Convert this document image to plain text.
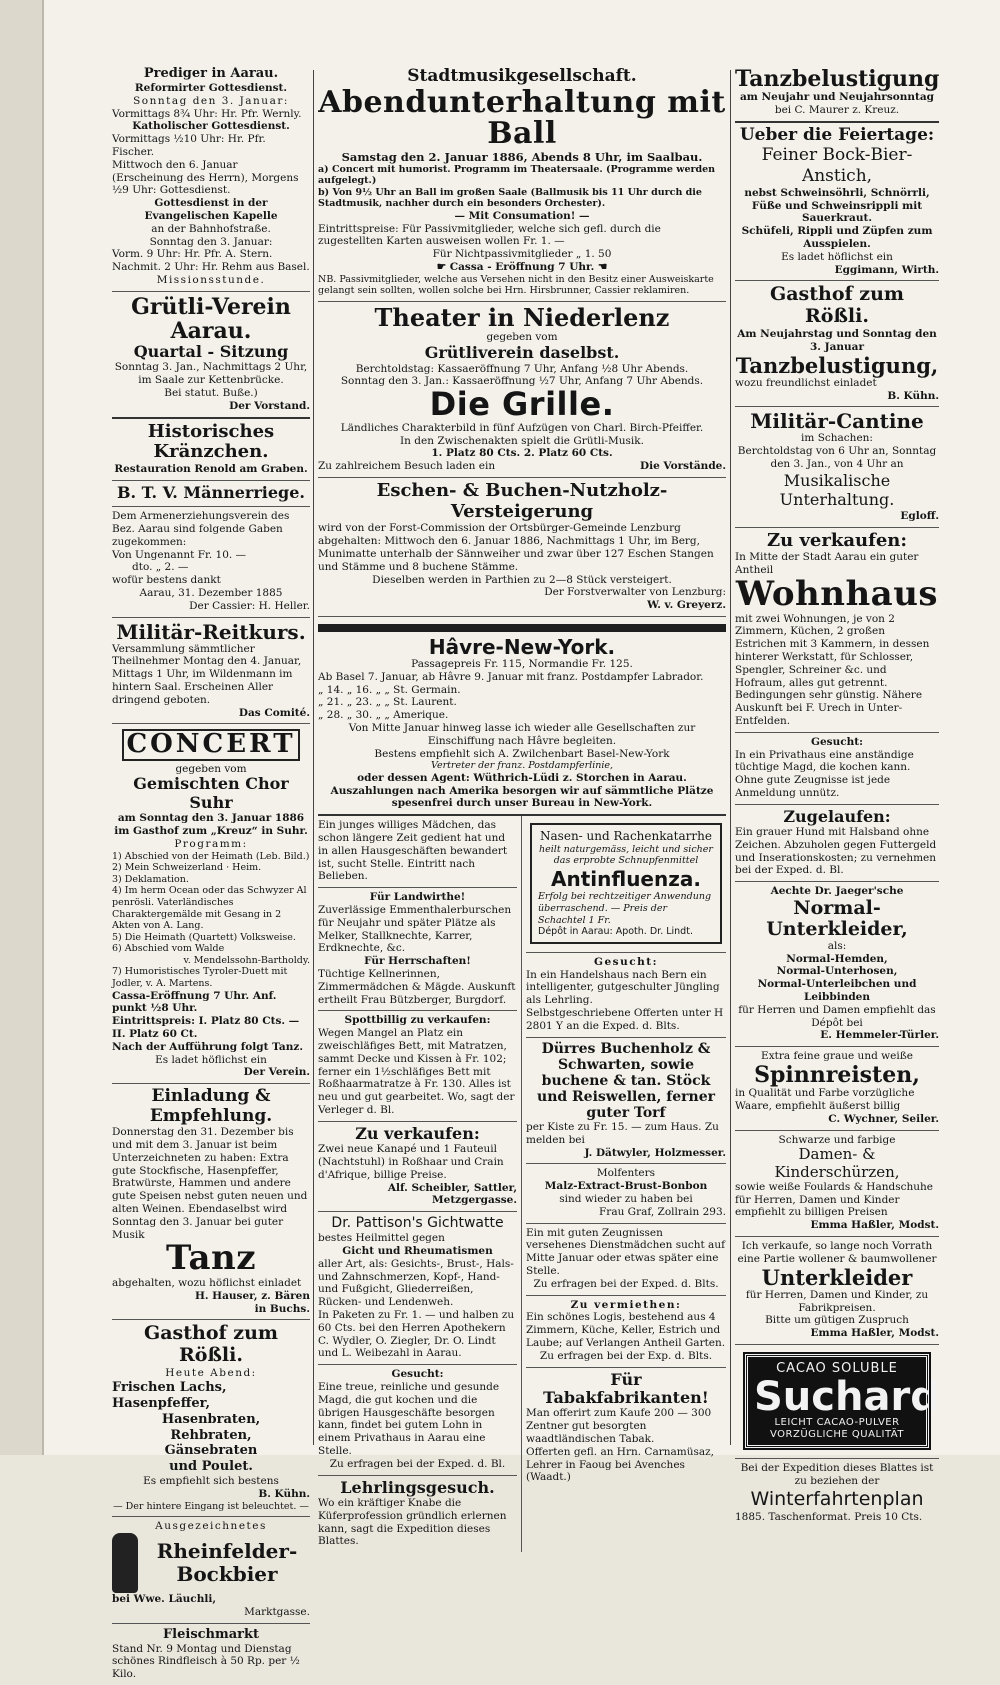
Prediger in Aarau.
Reformirter Gottesdienst.
Sonntag den 3. Januar:
Vormittags 8¾ Uhr: Hr. Pfr. Wernly.
Katholischer Gottesdienst.
Vormittags ½10 Uhr: Hr. Pfr. Fischer.
Mittwoch den 6. Januar (Erscheinung des Herrn), Morgens ½9 Uhr: Gottesdienst.
Gottesdienst in der Evangelischen Kapelle
an der Bahnhofstraße.
Sonntag den 3. Januar:
Vorm. 9 Uhr: Hr. Pfr. A. Stern.
Nachmit. 2 Uhr: Hr. Rehm aus Basel.
Missionsstunde.
Grütli-Verein Aarau.
Quartal - Sitzung
Sonntag 3. Jan., Nachmittags 2 Uhr, im Saale zur Kettenbrücke.
Bei statut. Buße.)
Der Vorstand.
Historisches Kränzchen.
Restauration Renold am Graben.
B. T. V. Männerriege.
Dem Armenerziehungsverein des Bez. Aarau sind folgende Gaben zugekommen:
Von Ungenannt Fr. 10. —
dto. „ 2. —
wofür bestens dankt
Aarau, 31. Dezember 1885
Der Cassier: H. Heller.
Militär-Reitkurs.
Versammlung sämmtlicher Theilnehmer Montag den 4. Januar, Mittags 1 Uhr, im Wildenmann im hintern Saal. Erscheinen Aller dringend geboten.
Das Comité.
CONCERT
gegeben vom
Gemischten Chor Suhr
am Sonntag den 3. Januar 1886 im Gasthof zum „Kreuz“ in Suhr.
Programm:
1) Abschied von der Heimath (Leb. Bild.)
2) Mein Schweizerland · Heim.
3) Deklamation.
4) Im herm Ocean oder das Schwyzer Al penrösli. Vaterländisches Charaktergemälde mit Gesang in 2 Akten von A. Lang.
5) Die Heimath (Quartett) Volksweise.
6) Abschied vom Walde
v. Mendelssohn-Bartholdy.
7) Humoristisches Tyroler-Duett mit Jodler, v. A. Martens.
Cassa-Eröffnung 7 Uhr. Anf. punkt ½8 Uhr.
Eintrittspreis: I. Platz 80 Cts. — II. Platz 60 Ct.
Nach der Aufführung folgt Tanz.
Es ladet höflichst ein
Der Verein.
Einladung & Empfehlung.
Donnerstag den 31. Dezember bis und mit dem 3. Januar ist beim Unterzeichneten zu haben: Extra gute Stockfische, Hasenpfeffer, Bratwürste, Hammen und andere gute Speisen nebst guten neuen und alten Weinen. Ebendaselbst wird Sonntag den 3. Januar bei guter Musik
Tanz
abgehalten, wozu höflichst einladet
H. Hauser, z. Bären
in Buchs.
Gasthof zum Rößli.
Heute Abend:
Frischen Lachs,
Hasenpfeffer,
Hasenbraten,
Rehbraten,
Gänsebraten
und Poulet.
Es empfiehlt sich bestens
B. Kühn.
— Der hintere Eingang ist beleuchtet. —
Ausgezeichnetes
Rheinfelder-
Bockbier
bei Wwe. Läuchli,
Marktgasse.
Fleischmarkt
Stand Nr. 9 Montag und Dienstag schönes Rindfleisch à 50 Rp. per ½ Kilo.
Stadtmusikgesellschaft.
Abendunterhaltung mit Ball
Samstag den 2. Januar 1886, Abends 8 Uhr, im Saalbau.
a) Concert mit humorist. Programm im Theatersaale. (Programme werden aufgelegt.)
b) Von 9½ Uhr an Ball im großen Saale (Ballmusik bis 11 Uhr durch die Stadtmusik, nachher durch ein besonders Orchester).
— Mit Consumation! —
Eintrittspreise: Für Passivmitglieder, welche sich gefl. durch die zugestellten Karten ausweisen wollen Fr. 1. —
Für Nichtpassivmitglieder „ 1. 50
☛ Cassa - Eröffnung 7 Uhr. ☚
NB. Passivmitglieder, welche aus Versehen nicht in den Besitz einer Ausweiskarte gelangt sein sollten, wollen solche bei Hrn. Hirsbrunner, Cassier reklamiren.
Theater in Niederlenz
gegeben vom
Grütliverein daselbst.
Berchtoldstag: Kassaeröffnung 7 Uhr, Anfang ½8 Uhr Abends.
Sonntag den 3. Jan.: Kassaeröffnung ½7 Uhr, Anfang 7 Uhr Abends.
Die Grille.
Ländliches Charakterbild in fünf Aufzügen von Charl. Birch-Pfeiffer.
In den Zwischenakten spielt die Grütli-Musik.
1. Platz 80 Cts. 2. Platz 60 Cts.
Zu zahlreichem Besuch laden ein	Die Vorstände.
Eschen- & Buchen-Nutzholz-Versteigerung
wird von der Forst-Commission der Ortsbürger-Gemeinde Lenzburg abgehalten: Mittwoch den 6. Januar 1886, Nachmittags 1 Uhr, im Berg, Munimatte unterhalb der Sännweiher und zwar über 127 Eschen Stangen und Stämme und 8 buchene Stämme.
Dieselben werden in Parthien zu 2—8 Stück versteigert.
Der Forstverwalter von Lenzburg:
W. v. Greyerz.
Hâvre-New-York.
Passagepreis Fr. 115, Normandie Fr. 125.
Ab Basel 7. Januar, ab Hâvre 9. Januar mit franz. Postdampfer Labrador.
„ 14. „ 16. „ „ St. Germain.
„ 21. „ 23. „ „ St. Laurent.
„ 28. „ 30. „ „ Amerique.
Von Mitte Januar hinweg lasse ich wieder alle Gesellschaften zur Einschiffung nach Hâvre begleiten.
Bestens empfiehlt sich A. Zwilchenbart Basel-New-York
Vertreter der franz. Postdampferlinie,
oder dessen Agent: Wüthrich-Lüdi z. Storchen in Aarau.
Auszahlungen nach Amerika besorgen wir auf sämmtliche Plätze spesenfrei durch unser Bureau in New-York.
Ein junges williges Mädchen, das schon längere Zeit gedient hat und in allen Hausgeschäften bewandert ist, sucht Stelle. Eintritt nach Belieben.
Für Landwirthe!
Zuverlässige Emmenthalerburschen für Neujahr und später Plätze als Melker, Stallknechte, Karrer, Erdknechte, &c.
Für Herrschaften!
Tüchtige Kellnerinnen, Zimmermädchen & Mägde. Auskunft ertheilt Frau Bützberger, Burgdorf.
Spottbillig zu verkaufen:
Wegen Mangel an Platz ein zweischläfiges Bett, mit Matratzen, sammt Decke und Kissen à Fr. 102; ferner ein 1½schläfiges Bett mit Roßhaarmatratze à Fr. 130. Alles ist neu und gut gearbeitet. Wo, sagt der Verleger d. Bl.
Zu verkaufen:
Zwei neue Kanapé und 1 Fauteuil (Nachtstuhl) in Roßhaar und Crain d'Afrique, billige Preise.
Alf. Scheibler, Sattler, Metzgergasse.
Dr. Pattison's Gichtwatte
bestes Heilmittel gegen
Gicht und Rheumatismen
aller Art, als: Gesichts-, Brust-, Hals- und Zahnschmerzen, Kopf-, Hand- und Fußgicht, Gliederreißen, Rücken- und Lendenweh.
In Paketen zu Fr. 1. — und halben zu 60 Cts. bei den Herren Apothekern C. Wydler, O. Ziegler, Dr. O. Lindt und L. Weibezahl in Aarau.
Gesucht:
Eine treue, reinliche und gesunde Magd, die gut kochen und die übrigen Hausgeschäfte besorgen kann, findet bei gutem Lohn in einem Privathaus in Aarau eine Stelle.
Zu erfragen bei der Exped. d. Bl.
Lehrlingsgesuch.
Wo ein kräftiger Knabe die Küferprofession gründlich erlernen kann, sagt die Expedition dieses Blattes.
Nasen- und Rachenkatarrhe
heilt naturgemäss, leicht und sicher das erprobte Schnupfenmittel
Antinfluenza.
Erfolg bei rechtzeitiger Anwendung überraschend. — Preis der Schachtel 1 Fr.
Dépôt in Aarau: Apoth. Dr. Lindt.
Gesucht:
In ein Handelshaus nach Bern ein intelligenter, gutgeschulter Jüngling als Lehrling.
Selbstgeschriebene Offerten unter H 2801 Y an die Exped. d. Blts.
Dürres Buchenholz & Schwarten, sowie buchene & tan. Stöck und Reiswellen, ferner guter Torf
per Kiste zu Fr. 15. — zum Haus. Zu melden bei
J. Dätwyler, Holzmesser.
Molfenters
Malz-Extract-Brust-Bonbon
sind wieder zu haben bei
Frau Graf, Zollrain 293.
Ein mit guten Zeugnissen versehenes Dienstmädchen sucht auf Mitte Januar oder etwas später eine Stelle.
Zu erfragen bei der Exped. d. Blts.
Zu vermiethen:
Ein schönes Logis, bestehend aus 4 Zimmern, Küche, Keller, Estrich und Laube; auf Verlangen Antheil Garten.
Zu erfragen bei der Exp. d. Blts.
Für Tabakfabrikanten!
Man offerirt zum Kaufe 200 — 300 Zentner gut besorgten waadtländischen Tabak.
Offerten gefl. an Hrn. Carnamüsaz, Lehrer in Faoug bei Avenches (Waadt.)
Tanzbelustigung
am Neujahr und Neujahrsonntag
bei C. Maurer z. Kreuz.
Ueber die Feiertage:
Feiner Bock-Bier-Anstich,
nebst Schweinsöhrli, Schnörrli, Füße und Schweinsrippli mit Sauerkraut.
Schüfeli, Rippli und Züpfen zum Ausspielen.
Es ladet höflichst ein
Eggimann, Wirth.
Gasthof zum Rößli.
Am Neujahrstag und Sonntag den 3. Januar
Tanzbelustigung,
wozu freundlichst einladet
B. Kühn.
Militär-Cantine
im Schachen:
Berchtoldstag von 6 Uhr an, Sonntag den 3. Jan., von 4 Uhr an
Musikalische Unterhaltung.
Egloff.
Zu verkaufen:
In Mitte der Stadt Aarau ein guter Antheil
Wohnhaus
mit zwei Wohnungen, je von 2 Zimmern, Küchen, 2 großen Estrichen mit 3 Kammern, in dessen hinterer Werkstatt, für Schlosser, Spengler, Schreiner &c. und Hofraum, alles gut getrennt. Bedingungen sehr günstig. Nähere Auskunft bei F. Urech in Unter-Entfelden.
Gesucht:
In ein Privathaus eine anständige tüchtige Magd, die kochen kann. Ohne gute Zeugnisse ist jede Anmeldung unnütz.
Zugelaufen:
Ein grauer Hund mit Halsband ohne Zeichen. Abzuholen gegen Futtergeld und Inserationskosten; zu vernehmen bei der Exped. d. Bl.
Aechte Dr. Jaeger'sche
Normal-Unterkleider,
als:
Normal-Hemden,
Normal-Unterhosen,
Normal-Unterleibchen und Leibbinden
für Herren und Damen empfiehlt das Dépôt bei
E. Hemmeler-Türler.
Extra feine graue und weiße
Spinnreisten,
in Qualität und Farbe vorzügliche Waare, empfiehlt äußerst billig
C. Wychner, Seiler.
Schwarze und farbige
Damen- & Kinderschürzen,
sowie weiße Foulards & Handschuhe für Herren, Damen und Kinder empfiehlt zu billigen Preisen
Emma Haßler, Modst.
Ich verkaufe, so lange noch Vorrath eine Partie wollener & baumwollener
Unterkleider
für Herren, Damen und Kinder, zu Fabrikpreisen.
Bitte um gütigen Zuspruch
Emma Haßler, Modst.
CACAO SOLUBLE
Suchard
LEICHT CACAO-PULVER
VORZÜGLICHE QUALITÄT
Bei der Expedition dieses Blattes ist zu beziehen der
Winterfahrtenplan
1885. Taschenformat. Preis 10 Cts.
